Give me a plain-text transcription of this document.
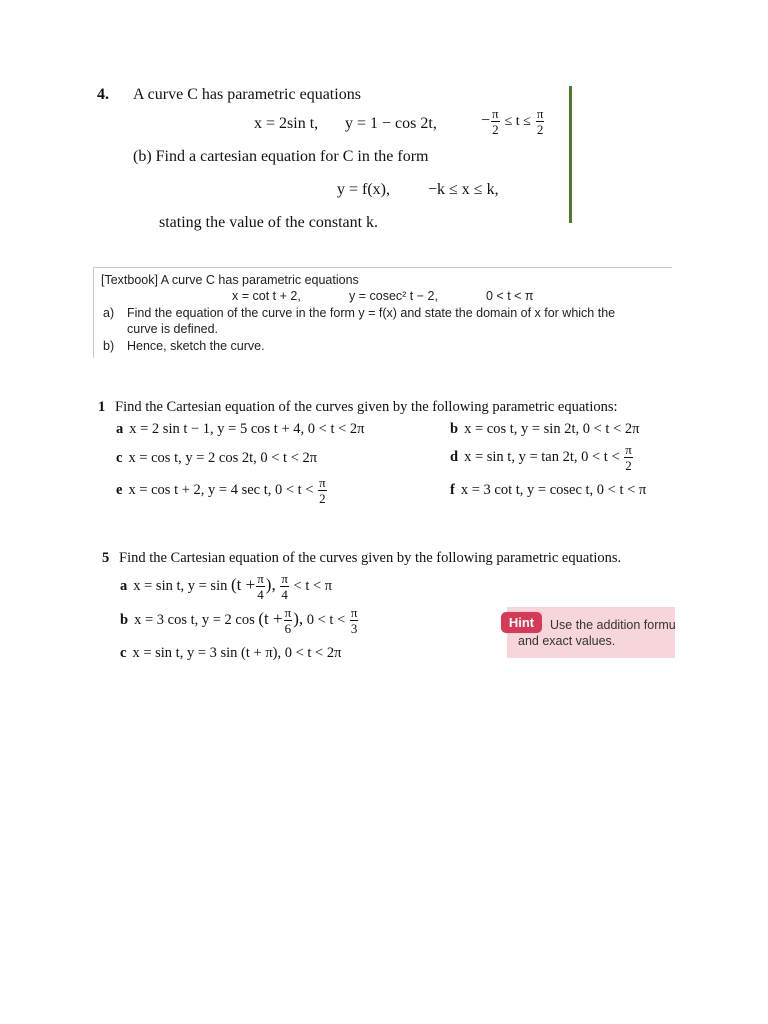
4. A curve C has parametric equations
x = 2sin t, y = 1 − cos 2t,	− $\frac{\pi}{2} \le t \le \frac{\pi}{2}$
(b) Find a cartesian equation for C in the form
y = f(x), −k ≤ x ≤ k,
stating the value of the constant k.
[Textbook] A curve C has parametric equations
x = cot t + 2,	y = cosec² t − 2,	0 < t < π
a) Find the equation of the curve in the form y = f(x) and state the domain of x for which the
curve is defined.
b) Hence, sketch the curve.
1 Find the Cartesian equation of the curves given by the following parametric equations:
a x = 2 sin t − 1, y = 5 cos t + 4, 0 < t < 2π	b x = cos t, y = sin 2t, 0 < t < 2π
c x = cos t, y = 2 cos 2t, 0 < t < 2π	d x = sin t, y = tan 2t, $0 < t < \frac{\pi}{2}$
e x = cos t + 2, y = 4 sec t, $0 < t < \frac{\pi}{2}$	f x = 3 cot t, y = cosec t, 0 < t < π
5 Find the Cartesian equation of the curves given by the following parametric equations.
a x = sin t, $y = \sin (t + \frac{\pi}{4}$ ), $\frac{\pi}{4} < t < \pi$
b x = 3 cos t, y = 2 $\cos (t + \frac{\pi}{6}$ ), $0 < t < \frac{\pi}{3}$
c x = sin t, y = 3 sin (t + π), 0 < t < 2π
Hint	Use the addition formu
and exact values.
